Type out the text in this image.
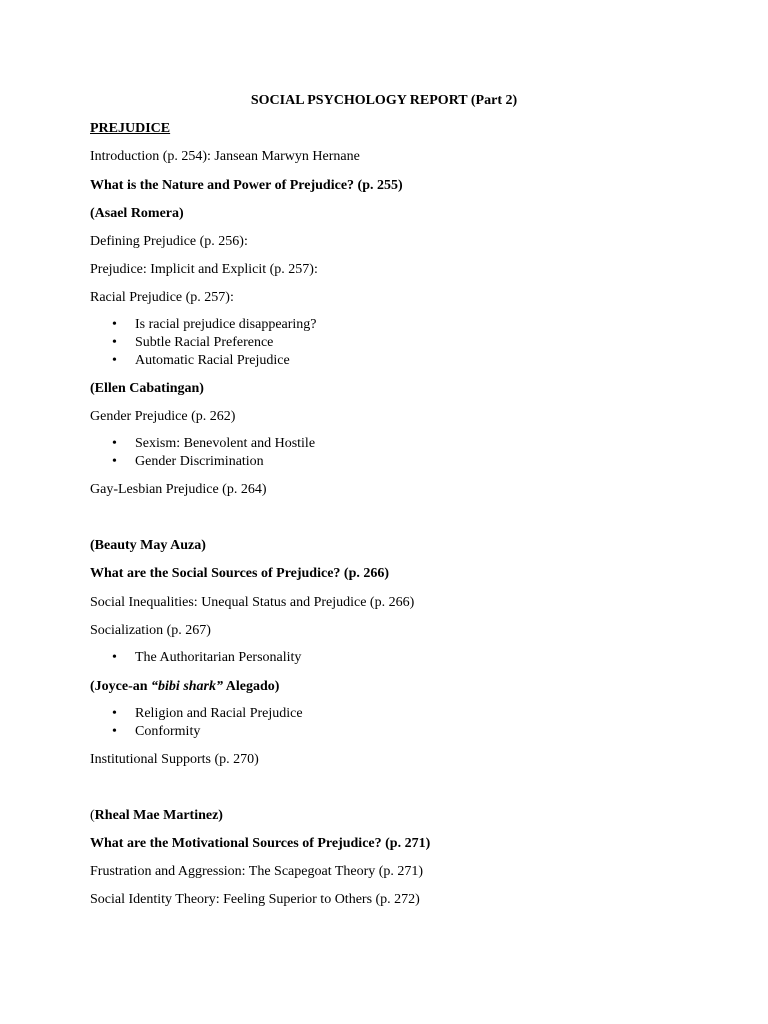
SOCIAL PSYCHOLOGY REPORT (Part 2)
PREJUDICE
Introduction (p. 254): Jansean Marwyn Hernane
What is the Nature and Power of Prejudice? (p. 255)
(Asael Romera)
Defining Prejudice (p. 256):
Prejudice: Implicit and Explicit (p. 257):
Racial Prejudice (p. 257):
• Is racial prejudice disappearing?
• Subtle Racial Preference
• Automatic Racial Prejudice
(Ellen Cabatingan)
Gender Prejudice (p. 262)
• Sexism: Benevolent and Hostile
• Gender Discrimination
Gay-Lesbian Prejudice (p. 264)
(Beauty May Auza)
What are the Social Sources of Prejudice? (p. 266)
Social Inequalities: Unequal Status and Prejudice (p. 266)
Socialization (p. 267)
• The Authoritarian Personality
(Joyce-an “bibi shark” Alegado)
• Religion and Racial Prejudice
• Conformity
Institutional Supports (p. 270)
(Rheal Mae Martinez)
What are the Motivational Sources of Prejudice? (p. 271)
Frustration and Aggression: The Scapegoat Theory (p. 271)
Social Identity Theory: Feeling Superior to Others (p. 272)
